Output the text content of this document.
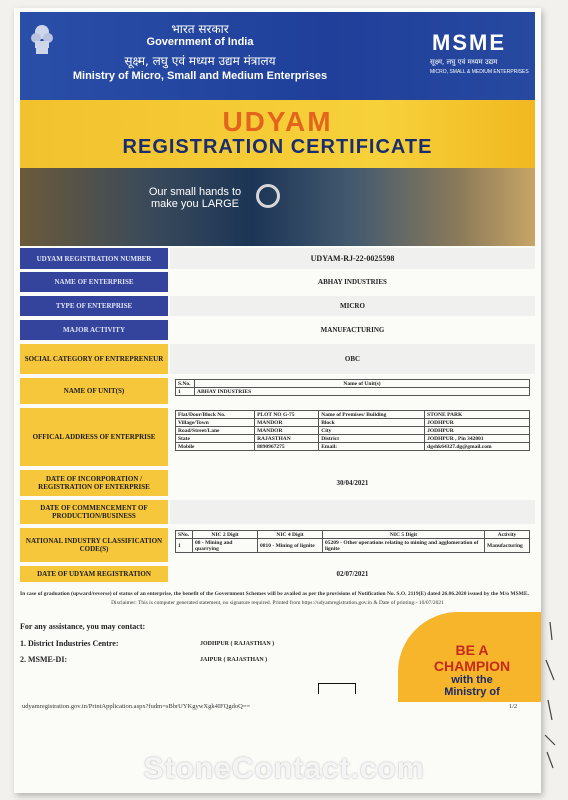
भारत सरकार
Government of India
सूक्ष्म, लघु एवं मध्यम उद्यम मंत्रालय
Ministry of Micro, Small and Medium Enterprises
MSME
सूक्ष्म, लघु एवं मध्यम उद्यम
MICRO, SMALL & MEDIUM ENTERPRISES
UDYAM
REGISTRATION CERTIFICATE
Our small hands to make you LARGE
UDYAM REGISTRATION NUMBER	UDYAM-RJ-22-0025598
NAME OF ENTERPRISE	ABHAY INDUSTRIES
TYPE OF ENTERPRISE	MICRO
MAJOR ACTIVITY	MANUFACTURING
SOCIAL CATEGORY OF ENTREPRENEUR	OBC
NAME OF UNIT(S)
S.No.	Name of Unit(s)
1	ABHAY INDUSTRIES
OFFICAL ADDRESS OF ENTERPRISE
Flat/Door/Block No.	PLOT NO G-75	Name of Premises/ Building	STONE PARK
Village/Town	MANDOR	Block	JODHPUR
Road/Street/Lane	MANDOR	City	JODHPUR
State	RAJASTHAN	District	JODHPUR , Pin 342001
Mobile	8890967275	Email:	dgshk64327.dg@gmail.com
DATE OF INCORPORATION / REGISTRATION OF ENTERPRISE	30/04/2021
DATE OF COMMENCEMENT OF PRODUCTION/BUSINESS
NATIONAL INDUSTRY CLASSIFICATION CODE(S)
SNo.	NIC 2 Digit	NIC 4 Digit	NIC 5 Digit	Activity
1	08 - Mining and quarrying	0810 - Mining of lignite	05209 - Other operations relating to mining and agglomeration of lignite	Manufacturing
DATE OF UDYAM REGISTRATION	02/07/2021
In case of graduation (upward/reverse) of status of an enterprise, the benefit of the Government Schemes will be availed as per the provisions of Notification No. S.O. 2119(E) dated 26.06.2020 issued by the M/o MSME.
Disclaimer: This is computer generated statement, no signature required. Printed from https://udyamregistration.gov.in & Date of printing:- 10/07/2021
For any assistance, you may contact:
1. District Industries Centre:	JODHPUR ( RAJASTHAN )
2. MSME-DI:	JAIPUR ( RAJASTHAN )
BE A
CHAMPION
with the
Ministry of
udyamregistration.gov.in/PrintApplication.aspx?fudm=sBbrUYKgywXgk4IFQgdoQ==	1/2
StoneContact.com
